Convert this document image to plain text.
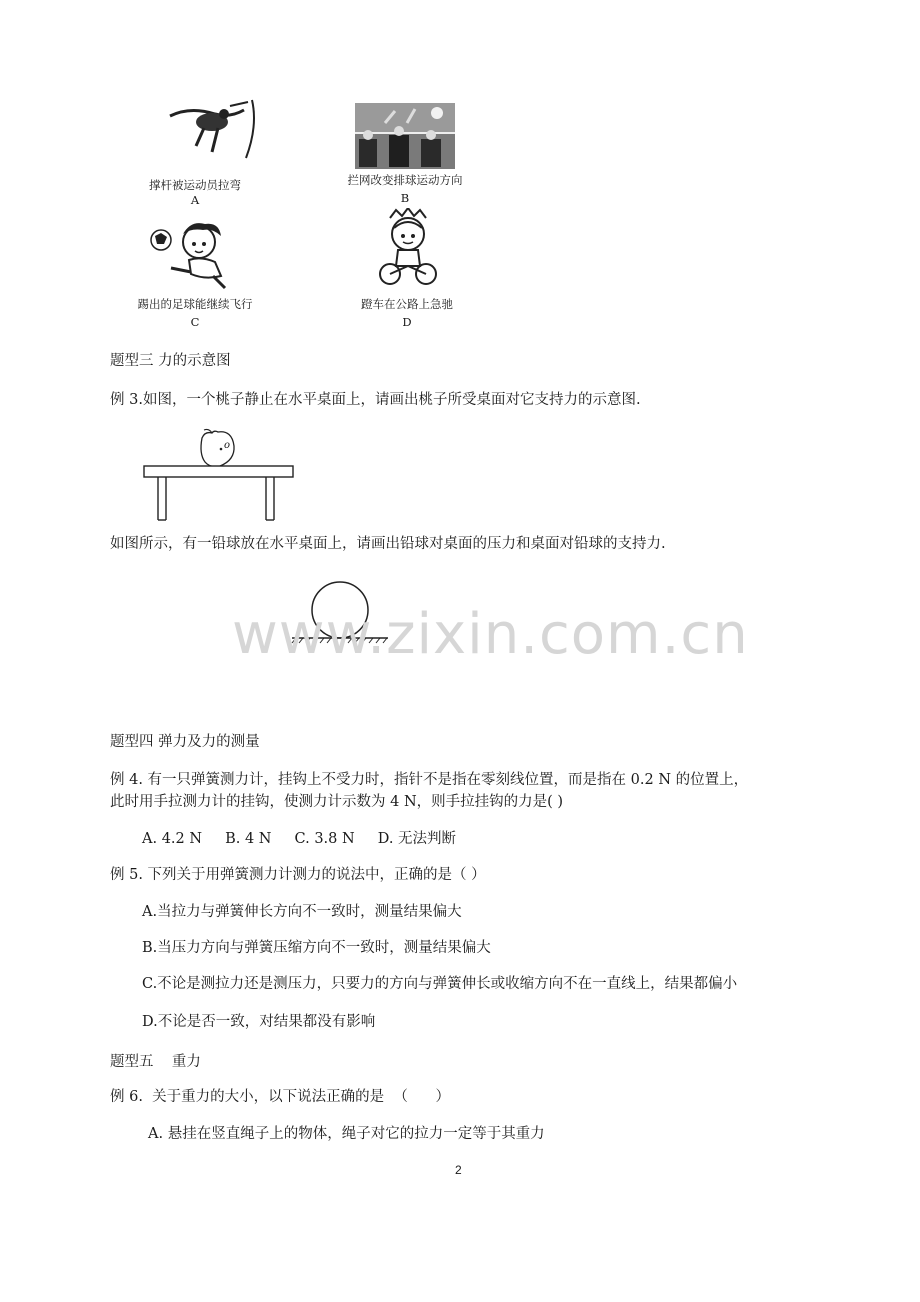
撑杆被运动员拉弯
A
拦网改变排球运动方向
B
踢出的足球能继续飞行
C
蹬车在公路上急驰
D
题型三 力的示意图
例 3.如图，一个桃子静止在水平桌面上，请画出桃子所受桌面对它支持力的示意图.
o
如图所示，有一铅球放在水平桌面上，请画出铅球对桌面的压力和桌面对铅球的支持力.
www.zixin.com.cn
题型四 弹力及力的测量
例 4. 有一只弹簧测力计，挂钩上不受力时，指针不是指在零刻线位置，而是指在 0.2 N 的位置上，
此时用手拉测力计的挂钩，使测力计示数为 4 N，则手拉挂钩的力是( )
A. 4.2 N     B. 4 N     C. 3.8 N     D. 无法判断
例 5. 下列关于用弹簧测力计测力的说法中，正确的是（ ）
A.当拉力与弹簧伸长方向不一致时，测量结果偏大
B.当压力方向与弹簧压缩方向不一致时，测量结果偏大
C.不论是测拉力还是测压力，只要力的方向与弹簧伸长或收缩方向不在一直线上，结果都偏小
D.不论是否一致，对结果都没有影响
题型五    重力
例 6.  关于重力的大小，以下说法正确的是  （      ）
A. 悬挂在竖直绳子上的物体，绳子对它的拉力一定等于其重力
2
